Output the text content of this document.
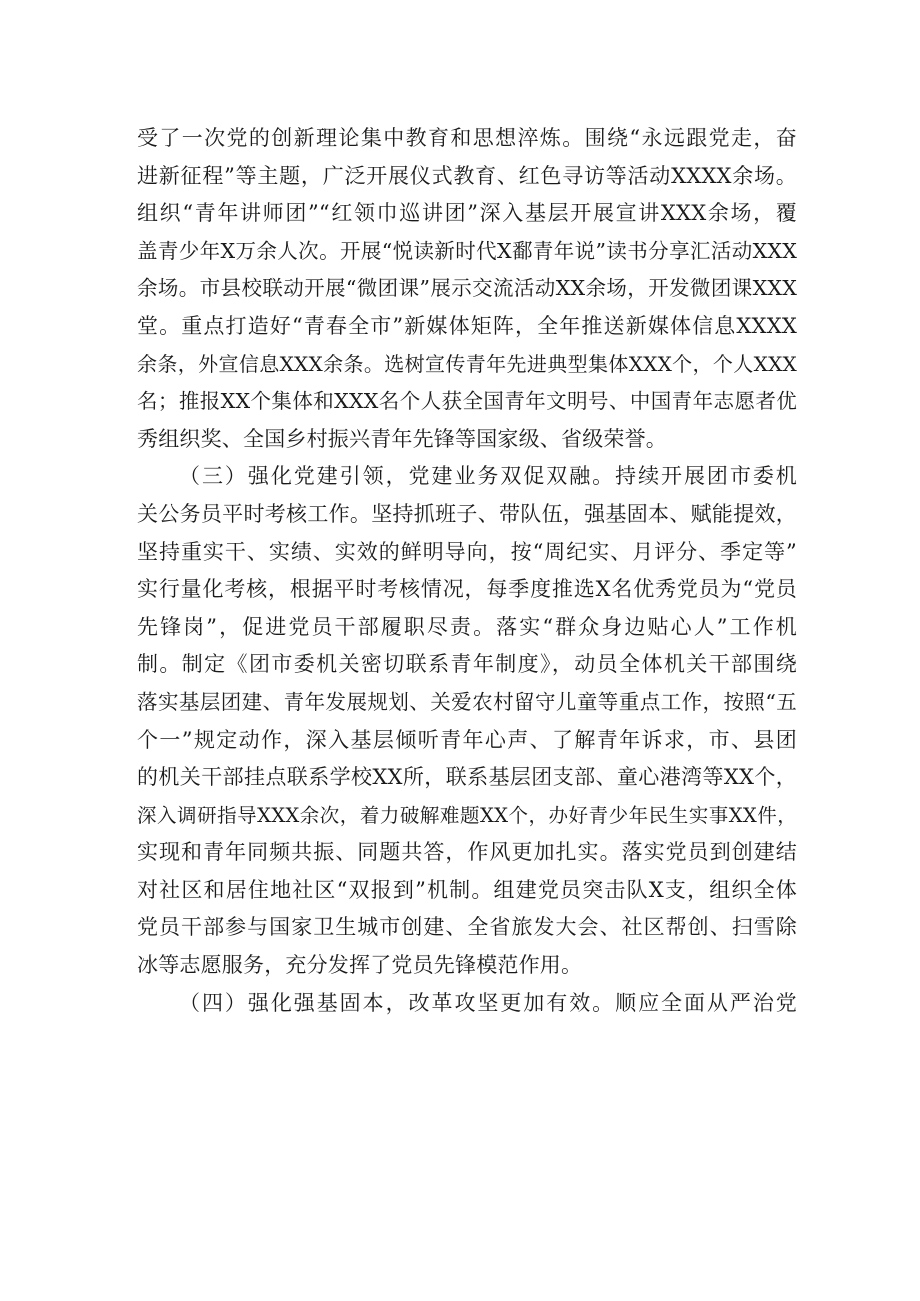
受了一次党的创新理论集中教育和思想淬炼。围绕“永远跟党走，奋
进新征程”等主题，广泛开展仪式教育、红色寻访等活动XXXX余场。
组织“青年讲师团”“红领巾巡讲团”深入基层开展宣讲XXX余场，覆
盖青少年X万余人次。开展“悦读新时代X鄱青年说”读书分享汇活动XXX
余场。市县校联动开展“微团课”展示交流活动XX余场，开发微团课XXX
堂。重点打造好“青春全市”新媒体矩阵，全年推送新媒体信息XXXX
余条，外宣信息XXX余条。选树宣传青年先进典型集体XXX个，个人XXX
名；推报XX个集体和XXX名个人获全国青年文明号、中国青年志愿者优
秀组织奖、全国乡村振兴青年先锋等国家级、省级荣誉。
（三）强化党建引领，党建业务双促双融。持续开展团市委机
关公务员平时考核工作。坚持抓班子、带队伍，强基固本、赋能提效，
坚持重实干、实绩、实效的鲜明导向，按“周纪实、月评分、季定等”
实行量化考核，根据平时考核情况，每季度推选X名优秀党员为“党员
先锋岗”，促进党员干部履职尽责。落实“群众身边贴心人”工作机
制。制定《团市委机关密切联系青年制度》，动员全体机关干部围绕
落实基层团建、青年发展规划、关爱农村留守儿童等重点工作，按照“五
个一”规定动作，深入基层倾听青年心声、了解青年诉求，市、县团
的机关干部挂点联系学校XX所，联系基层团支部、童心港湾等XX个，
深入调研指导XXX余次，着力破解难题XX个，办好青少年民生实事XX件，
实现和青年同频共振、同题共答，作风更加扎实。落实党员到创建结
对社区和居住地社区“双报到”机制。组建党员突击队X支，组织全体
党员干部参与国家卫生城市创建、全省旅发大会、社区帮创、扫雪除
冰等志愿服务，充分发挥了党员先锋模范作用。
（四）强化强基固本，改革攻坚更加有效。顺应全面从严治党
